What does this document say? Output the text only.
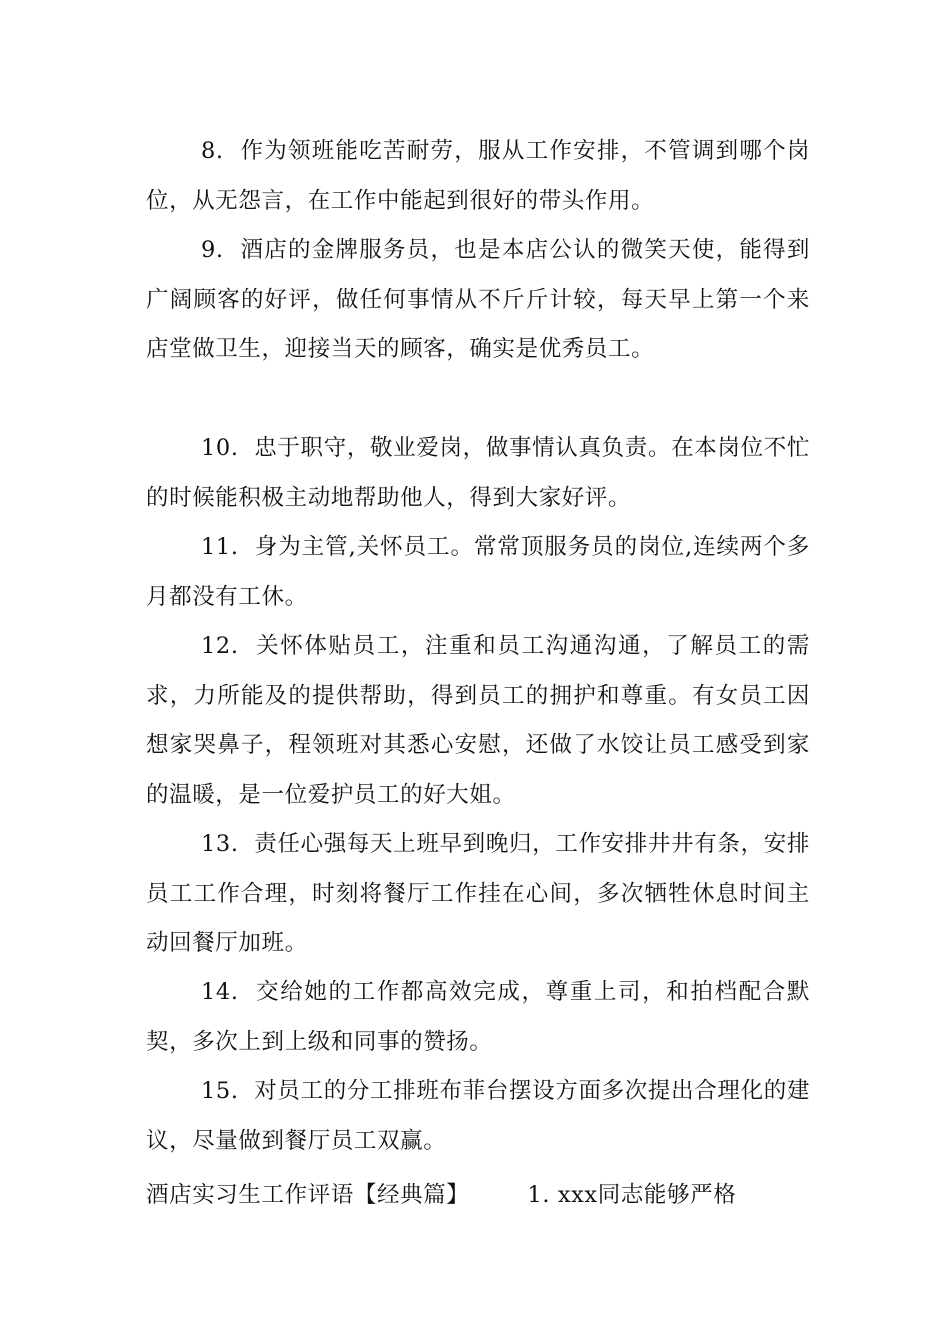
8. 作为领班能吃苦耐劳，服从工作安排，不管调到哪个岗位，从无怨言，在工作中能起到很好的带头作用。

9. 酒店的金牌服务员，也是本店公认的微笑天使，能得到广阔顾客的好评，做任何事情从不斤斤计较，每天早上第一个来店堂做卫生，迎接当天的顾客，确实是优秀员工。

10. 忠于职守，敬业爱岗，做事情认真负责。在本岗位不忙的时候能积极主动地帮助他人，得到大家好评。

11. 身为主管,关怀员工。常常顶服务员的岗位,连续两个多月都没有工休。

12. 关怀体贴员工，注重和员工沟通沟通，了解员工的需求，力所能及的提供帮助，得到员工的拥护和尊重。有女员工因想家哭鼻子，程领班对其悉心安慰，还做了水饺让员工感受到家的温暖，是一位爱护员工的好大姐。

13. 责任心强每天上班早到晚归，工作安排井井有条，安排员工工作合理，时刻将餐厅工作挂在心间，多次牺牲休息时间主动回餐厅加班。

14. 交给她的工作都高效完成，尊重上司，和拍档配合默契，多次上到上级和同事的赞扬。

15. 对员工的分工排班布菲台摆设方面多次提出合理化的建议，尽量做到餐厅员工双赢。

酒店实习生工作评语【经典篇】	1. xxx同志能够严格
